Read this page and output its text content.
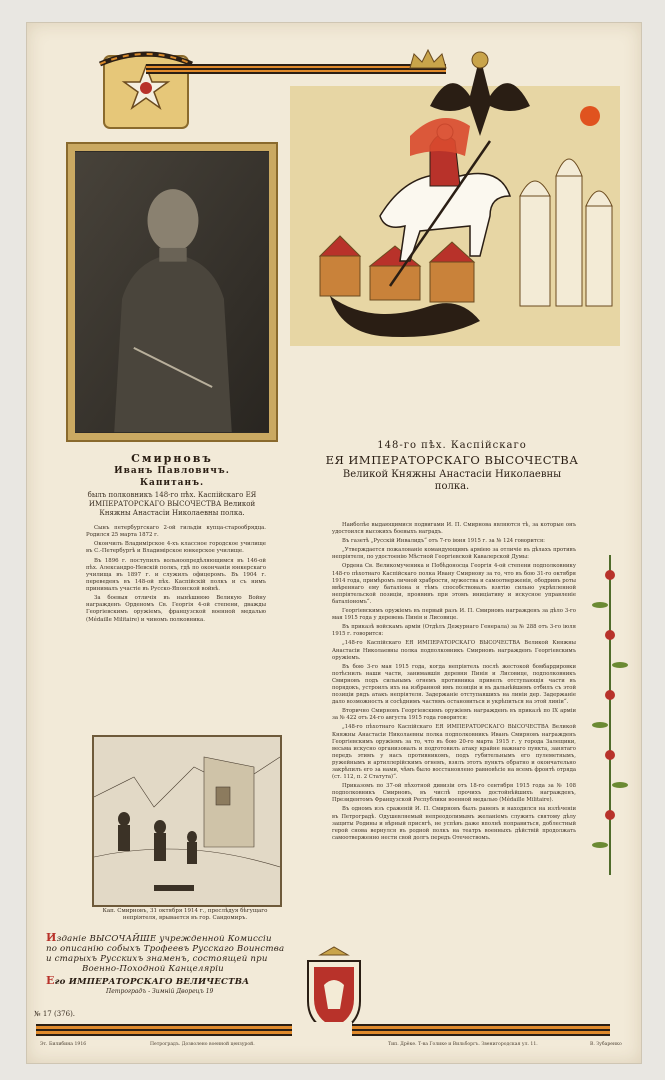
Смирновъ
Иванъ Павловичъ.
Капитанъ.
былъ полковникъ 148-го пѣх. Каспійскаго ЕЯ ИМПЕРАТОРСКАГО ВЫСОЧЕСТВА Великой Княжны Анастасіи Николаевны полка.

Сынъ петербургскаго 2-ой гильдіи купца-старообрядца. Родился 25 марта 1872 г.

Окончилъ Владимірское 4-хъ классное городское училище въ С.-Петербургѣ и Владимірское юнкерское училище.

Въ 1896 г. поступилъ вольноопредѣляющимся въ 146-ой пѣх. Александро-Невскій полкъ, гдѣ по окончаніи юнкерскаго училища въ 1897 г. и служилъ офицеромъ. Въ 1904 г. переведенъ въ 148-ой пѣх. Каспійскій полкъ и съ нимъ принималъ участіе въ Русско-Японской войнѣ.

За боевыя отличія въ нынѣшнюю Великую Войну награжденъ Орденомъ Св. Георгія 4-ой степени, дважды Георгіевскимъ оружіемъ, французской военной медалью (Médaille Militaire) и чиномъ полковника.

Кап. Смирновъ, 31 октября 1914 г., преслѣдуя бѣгущаго непріятеля, врывается въ гор. Сандомиръ.
148-го пѣх. Каспійскаго
ЕЯ ИМПЕРАТОРСКАГО ВЫСОЧЕСТВА
Великой Княжны Анастасіи Николаевны
полка.

Наиболѣе выдающимися подвигами И. П. Смирнова являются тѣ, за которые онъ удостоился высокихъ боевыхъ наградъ.

Въ газетѣ „Русскій Инвалидъ“ отъ 7-го іюня 1915 г. за № 124 говорится:

„Утверждается пожалованіе командующимъ арміею за отличіе въ дѣлахъ противъ непріятеля, по удостоенію Мѣстной Георгіевской Кавалерской Думы:

Ордена Св. Великомученика и Побѣдоносца Георгія 4-ой степени подполковнику 148-го пѣхотнаго Каспійскаго полка Ивану Смирнову за то, что въ бою 31-го октября 1914 года, примѣромъ личной храбрости, мужества и самоотверженія, ободривъ роты ввѣреннаго ему баталіона и тѣмъ способствовалъ взятію сильно укрѣпленной непріятельской позиціи, проявивъ при этомъ иниціативу и искусное управленіе баталіономъ“.

Георгіевскимъ оружіемъ въ первый разъ И. П. Смирновъ награжденъ за дѣло 3-го мая 1915 года у деревень Пинія и Лисовице.

Въ приказѣ войскамъ арміи (Отдѣлъ Дежурнаго Генерала) за № 288 отъ 3-го іюля 1915 г. говорится:

„148-го Каспійскаго ЕЯ ИМПЕРАТОРСКАГО ВЫСОЧЕСТВА Великой Княжны Анастасіи Николаевны полка подполковникъ Смирновъ награжденъ Георгіевскимъ оружіемъ.

Въ бою 3-го мая 1915 года, когда непріятель послѣ жестокой бомбардировки потѣснилъ наши части, занимавшія деревни Пинія и Лисовице, подполковникъ Смирновъ подъ сильнымъ огнемъ противника привелъ отступающія части въ порядокъ, устроилъ ихъ на избранной имъ позиціи и въ дальнѣйшемъ отбилъ съ этой позиціи рядъ атакъ непріятеля. Задержаніе отступавшихъ на линіи дер. Задержаніе дало возможность и сосѣднимъ частямъ остановиться и укрѣпиться на этой линіи“.

Вторично Смирновъ Георгіевскимъ оружіемъ награжденъ въ приказѣ по IX арміи за № 422 отъ 24-го августа 1915 года говорится:

„148-го пѣхотнаго Каспійскаго ЕЯ ИМПЕРАТОРСКАГО ВЫСОЧЕСТВА Великой Княжны Анастасіи Николаевны полка подполковникъ Иванъ Смирновъ награжденъ Георгіевскимъ оружіемъ за то, что въ бою 20-го марта 1915 г. у города Залещики, весьма искусно организовалъ и подготовилъ атаку крайне важнаго пункта, занятаго передъ этимъ у насъ противникомъ, подъ губительнымъ его пулеметнымъ, ружейнымъ и артиллерійскимъ огнемъ, взялъ этотъ пунктъ обратно и окончательно закрѣпилъ его за нами, чѣмъ было восстановлено равновѣсіе на всемъ фронтѣ отряда (ст. 112, п. 2 Статута)“.

Приказомъ по 37-ой пѣхотной дивизіи отъ 18-го сентября 1915 года за № 108 подполковникъ Смирновъ, въ числѣ прочихъ достойнѣйшихъ награжденъ, Президентомъ Французской Республики военной медалью (Médaille Militaire).

Въ одномъ изъ сраженій И. П. Смирновъ былъ раненъ и находился на излѣченіи въ Петроградѣ. Одушевляемый непреодолимымъ желаніемъ служить святому дѣлу защиты Родины и вѣрный присягѣ, не успѣвъ даже вполнѣ поправиться, доблестный герой снова вернулся въ родной полкъ на театръ военныхъ дѣйствій продолжать самоотверженно нести свой долгъ передъ Отечествомъ.

Изданіе ВЫСОЧАЙШЕ учрежденной Комиссіи
по описанію собыхъ Трофеевъ Русскаго Воинства
и старыхъ Русскихъ знаменъ, состоящей при
Военно-Походной Канцеляріи
Его ИМПЕРАТОРСКАГО ВЕЛИЧЕСТВА
Петроградъ - Зимній Дворецъ 19
№ 17 (376).
Эт. Билибина 1916	Петроградъ. Дозволено военной цензурой.	Тип. Дрёке. Т-ва Голике и Вильборгъ. Звенигородская ул. 11.	В. Зубаренко
